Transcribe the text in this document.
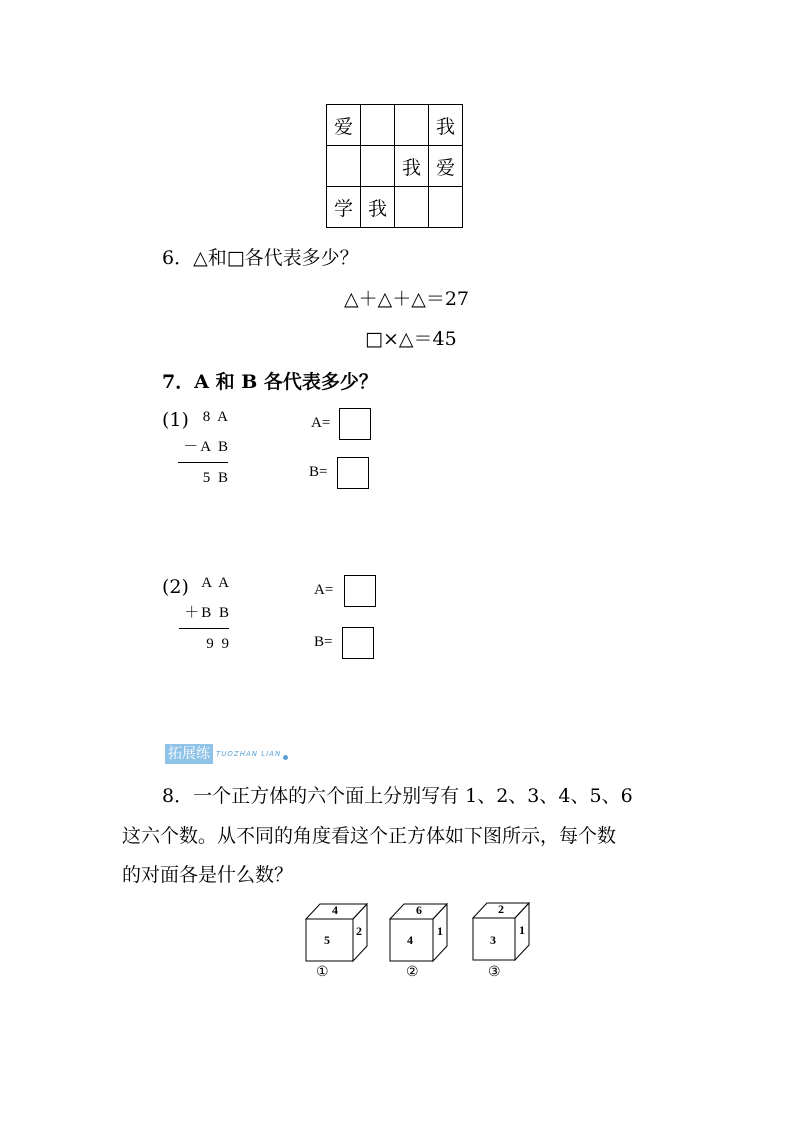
爱			我
		我	爱
学	我		
6．△和□各代表多少？
△＋△＋△＝27
□×△＝45
7．A 和 B 各代表多少？
(1) 8 A
－A B
5 B
A=
B=
(2) A A
＋B B
9 9
A=
B=
拓展练 TUOZHAN LIAN
8．一个正方体的六个面上分别写有 1、2、3、4、5、6
这六个数。从不同的角度看这个正方体如下图所示，每个数
的对面各是什么数？
4
5
2
①
6
4
1
②
2
3
1
③
